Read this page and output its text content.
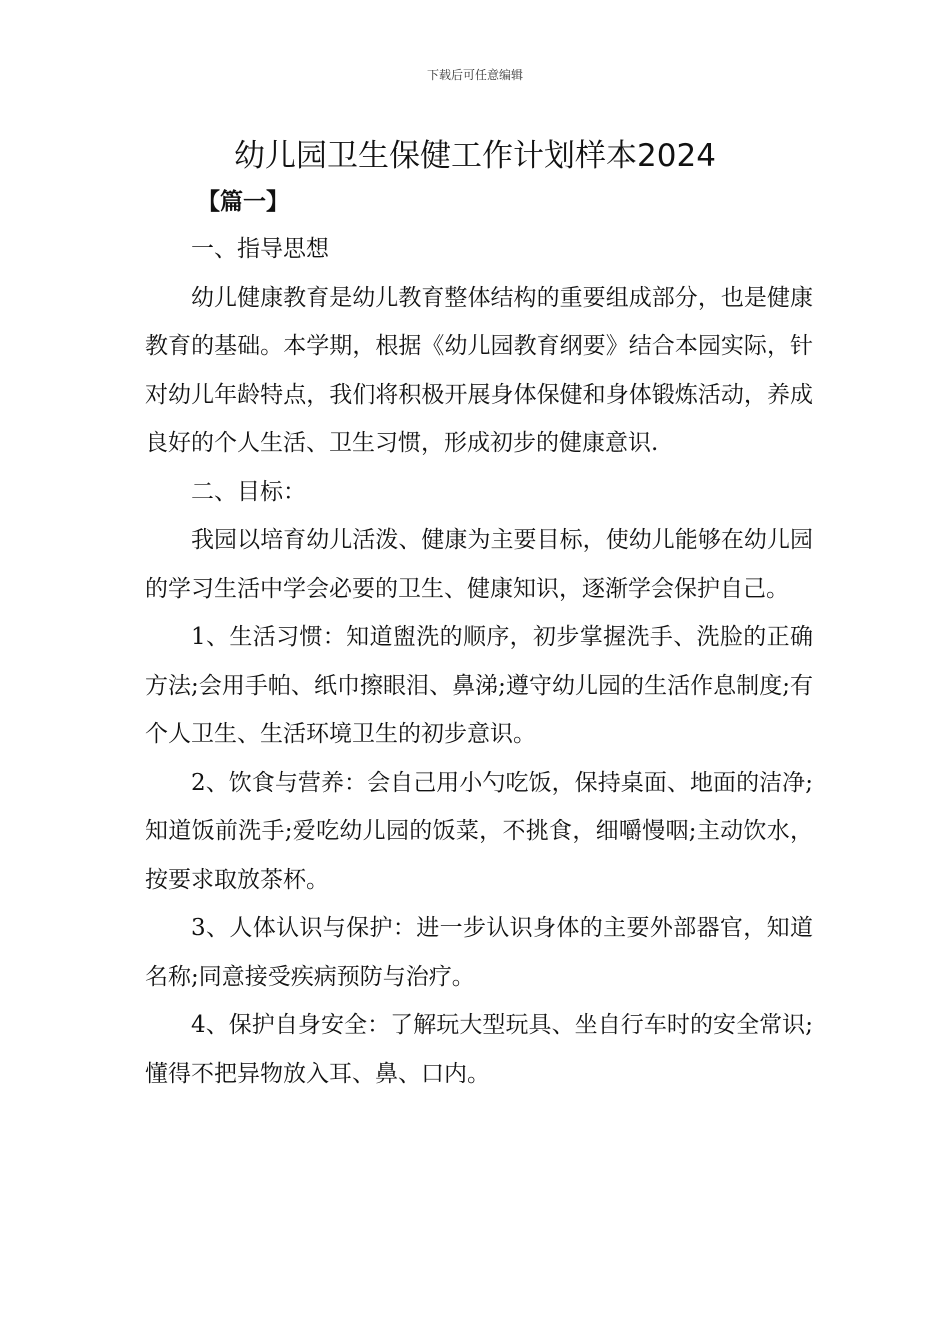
下载后可任意编辑
幼儿园卫生保健工作计划样本2024
【篇一】

一、指导思想

幼儿健康教育是幼儿教育整体结构的重要组成部分，也是健康教育的基础。本学期，根据《幼儿园教育纲要》结合本园实际，针对幼儿年龄特点，我们将积极开展身体保健和身体锻炼活动，养成良好的个人生活、卫生习惯，形成初步的健康意识.

二、目标：

我园以培育幼儿活泼、健康为主要目标，使幼儿能够在幼儿园的学习生活中学会必要的卫生、健康知识，逐渐学会保护自己。

1、生活习惯：知道盥洗的顺序，初步掌握洗手、洗脸的正确方法;会用手帕、纸巾擦眼泪、鼻涕;遵守幼儿园的生活作息制度;有个人卫生、生活环境卫生的初步意识。

2、饮食与营养：会自己用小勺吃饭，保持桌面、地面的洁净;知道饭前洗手;爱吃幼儿园的饭菜，不挑食，细嚼慢咽;主动饮水，按要求取放茶杯。

3、人体认识与保护：进一步认识身体的主要外部器官，知道名称;同意接受疾病预防与治疗。

4、保护自身安全：了解玩大型玩具、坐自行车时的安全常识;懂得不把异物放入耳、鼻、口内。
